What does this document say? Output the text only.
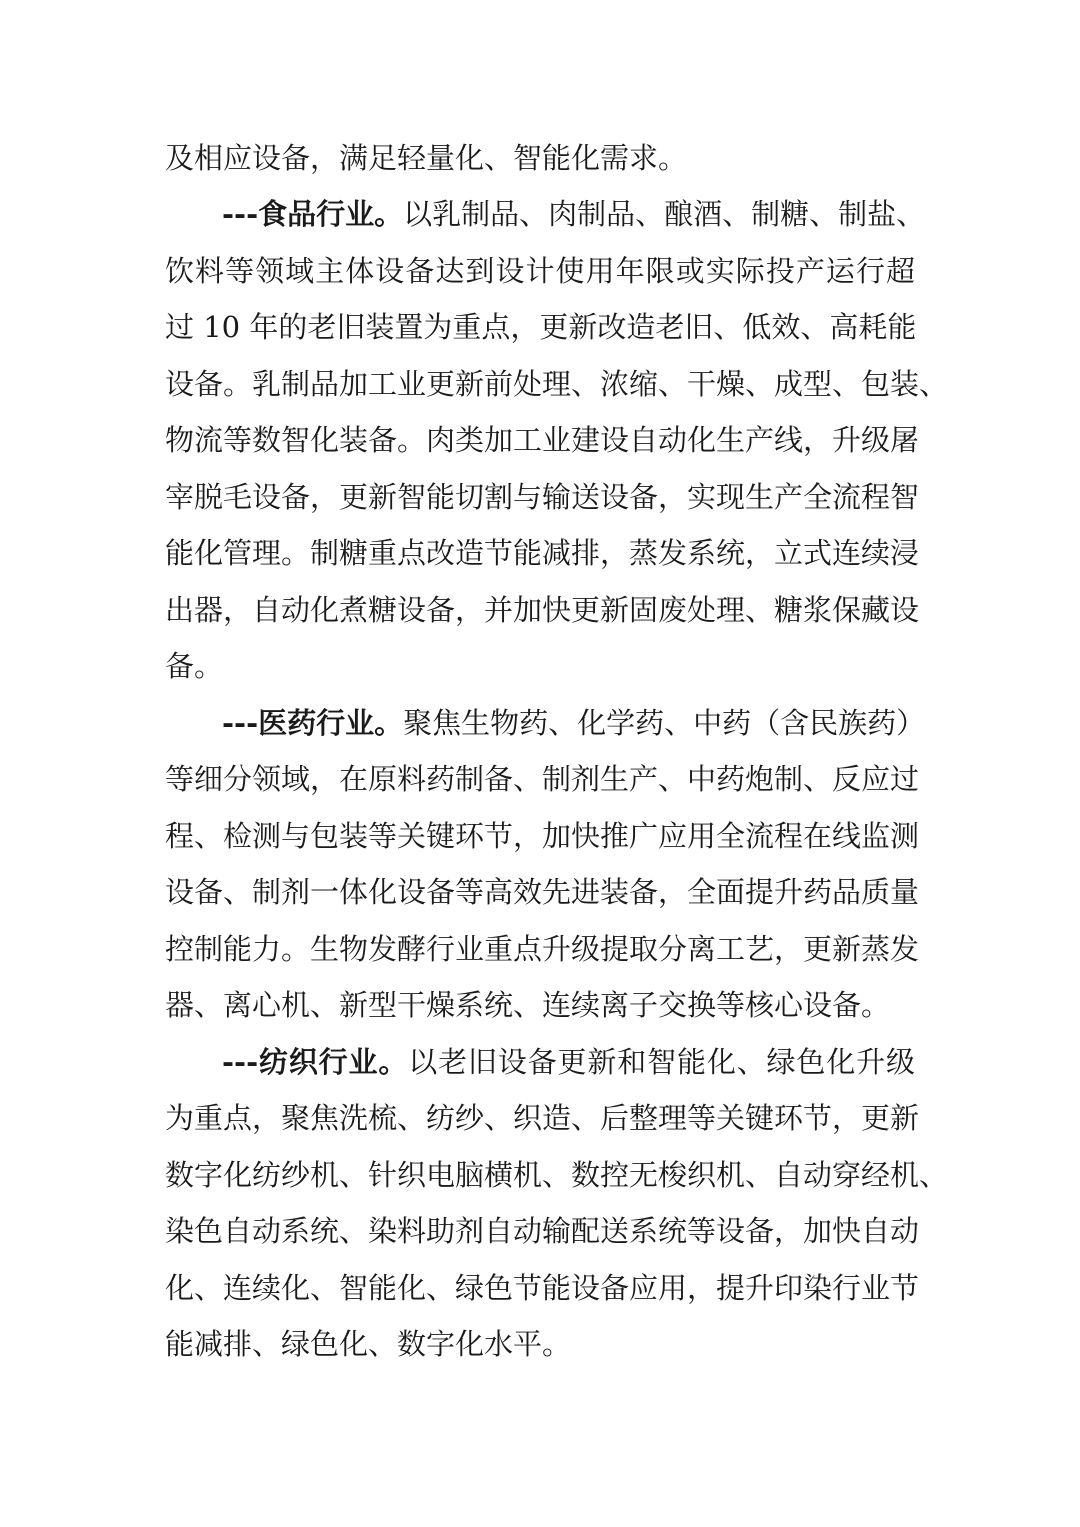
及相应设备，满足轻量化、智能化需求。
---食品行业。以乳制品、肉制品、酿酒、制糖、制盐、
饮料等领域主体设备达到设计使用年限或实际投产运行超
过 10 年的老旧装置为重点，更新改造老旧、低效、高耗能
设备。乳制品加工业更新前处理、浓缩、干燥、成型、包装、
物流等数智化装备。肉类加工业建设自动化生产线，升级屠
宰脱毛设备，更新智能切割与输送设备，实现生产全流程智
能化管理。制糖重点改造节能减排，蒸发系统，立式连续浸
出器，自动化煮糖设备，并加快更新固废处理、糖浆保藏设
备。
---医药行业。聚焦生物药、化学药、中药（含民族药）
等细分领域，在原料药制备、制剂生产、中药炮制、反应过
程、检测与包装等关键环节，加快推广应用全流程在线监测
设备、制剂一体化设备等高效先进装备，全面提升药品质量
控制能力。生物发酵行业重点升级提取分离工艺，更新蒸发
器、离心机、新型干燥系统、连续离子交换等核心设备。
---纺织行业。以老旧设备更新和智能化、绿色化升级
为重点，聚焦洗梳、纺纱、织造、后整理等关键环节，更新
数字化纺纱机、针织电脑横机、数控无梭织机、自动穿经机、
染色自动系统、染料助剂自动输配送系统等设备，加快自动
化、连续化、智能化、绿色节能设备应用，提升印染行业节
能减排、绿色化、数字化水平。
